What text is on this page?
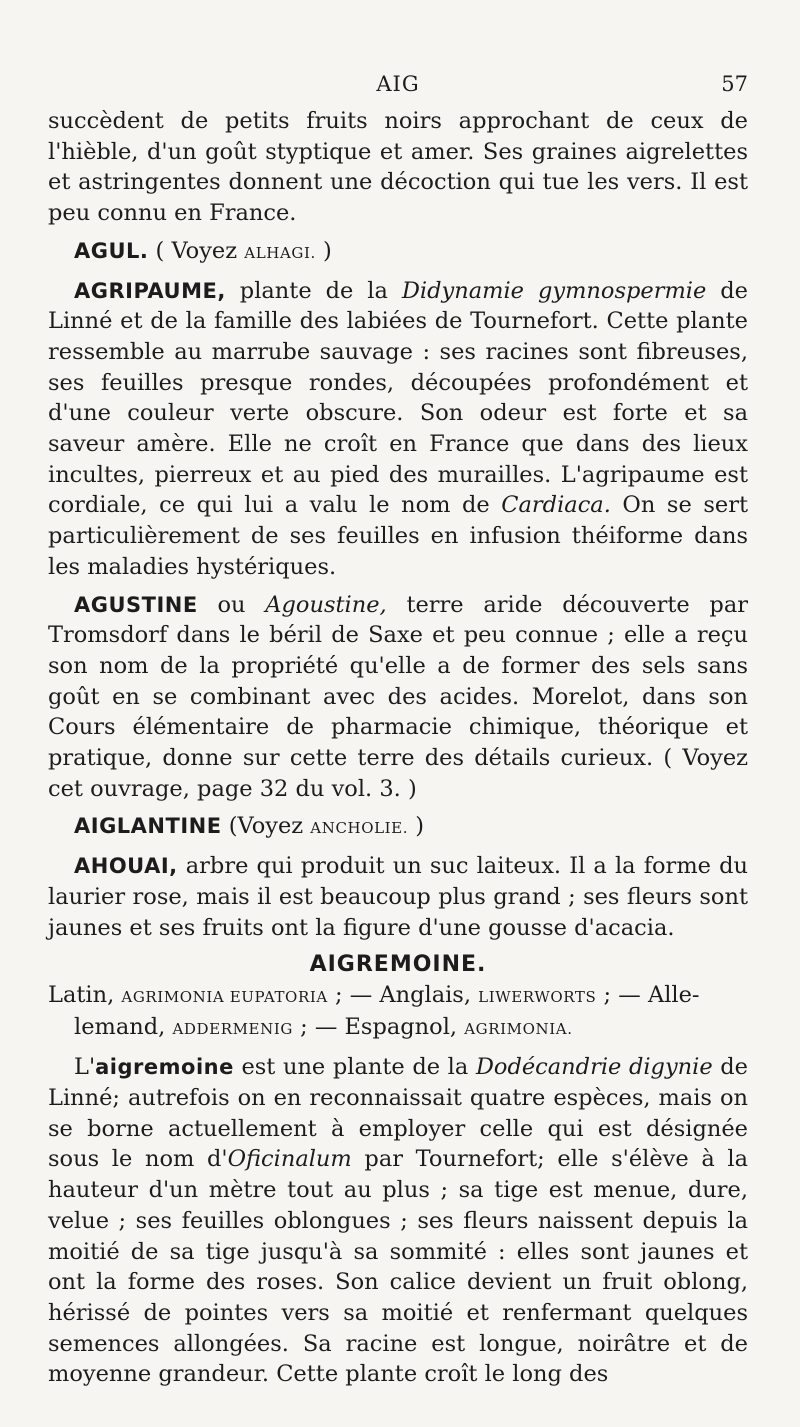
AIG	57

succèdent de petits fruits noirs approchant de ceux de l'hièble, d'un goût styptique et amer. Ses graines aigrelettes et astringentes donnent une décoction qui tue les vers. Il est peu connu en France.

AGUL. ( Voyez ALHAGI. )

AGRIPAUME, plante de la Didynamie gymnospermie de Linné et de la famille des labiées de Tournefort. Cette plante ressemble au marrube sauvage : ses racines sont fibreuses, ses feuilles presque rondes, découpées profondément et d'une couleur verte obscure. Son odeur est forte et sa saveur amère. Elle ne croît en France que dans des lieux incultes, pierreux et au pied des murailles. L'agripaume est cordiale, ce qui lui a valu le nom de Cardiaca. On se sert particulièrement de ses feuilles en infusion théiforme dans les maladies hystériques.

AGUSTINE ou Agoustine, terre aride découverte par Tromsdorf dans le béril de Saxe et peu connue ; elle a reçu son nom de la propriété qu'elle a de former des sels sans goût en se combinant avec des acides. Morelot, dans son Cours élémentaire de pharmacie chimique, théorique et pratique, donne sur cette terre des détails curieux. ( Voyez cet ouvrage, page 32 du vol. 3. )

AIGLANTINE (Voyez ANCHOLIE. )

AHOUAI, arbre qui produit un suc laiteux. Il a la forme du laurier rose, mais il est beaucoup plus grand ; ses fleurs sont jaunes et ses fruits ont la figure d'une gousse d'acacia.

AIGREMOINE.
Latin, AGRIMONIA EUPATORIA ; — Anglais, LIWERWORTS ; — Alle-
lemand, ADDERMENIG ; — Espagnol, AGRIMONIA.

L'aigremoine est une plante de la Dodécandrie digynie de Linné; autrefois on en reconnaissait quatre espèces, mais on se borne actuellement à employer celle qui est désignée sous le nom d'Oficinalum par Tournefort; elle s'élève à la hauteur d'un mètre tout au plus ; sa tige est menue, dure, velue ; ses feuilles oblongues ; ses fleurs naissent depuis la moitié de sa tige jusqu'à sa sommité : elles sont jaunes et ont la forme des roses. Son calice devient un fruit oblong, hérissé de pointes vers sa moitié et renfermant quelques semences allongées. Sa racine est longue, noirâtre et de moyenne grandeur. Cette plante croît le long des
